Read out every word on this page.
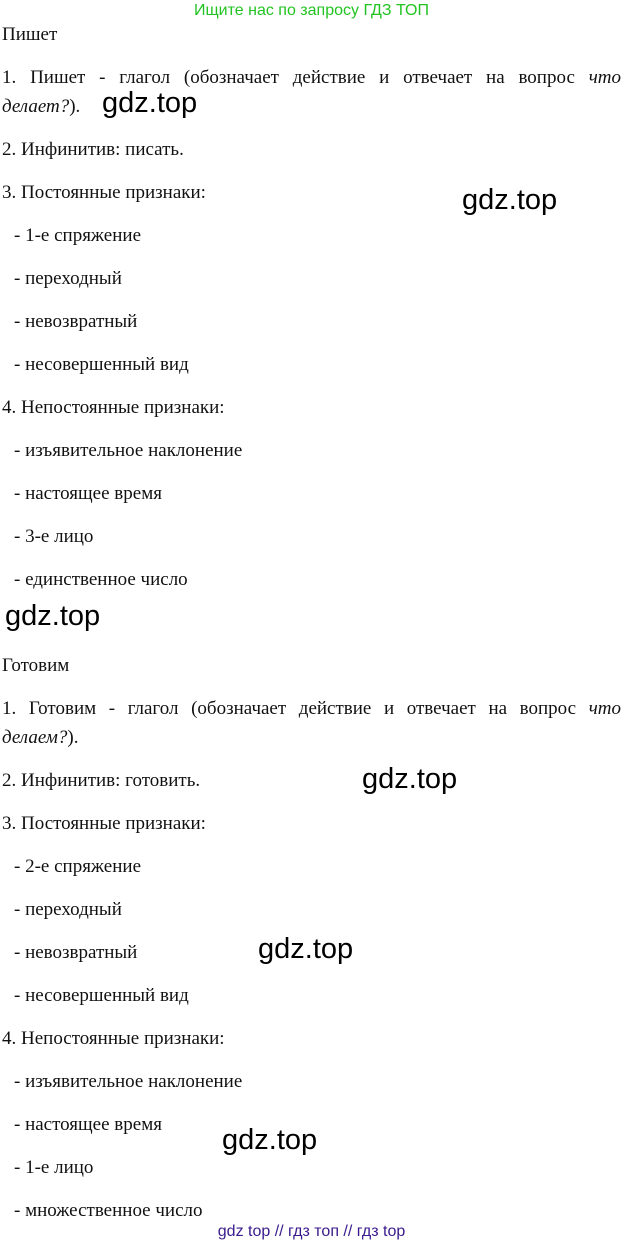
Ищите нас по запросу ГДЗ ТОП
Пишет
1. Пишет - глагол (обозначает действие и отвечает на вопрос что
делает?).
2. Инфинитив: писать.
3. Постоянные признаки:
- 1-е спряжение
- переходный
- невозвратный
- несовершенный вид
4. Непостоянные признаки:
- изъявительное наклонение
- настоящее время
- 3-е лицо
- единственное число
Готовим
1. Готовим - глагол (обозначает действие и отвечает на вопрос что
делаем?).
2. Инфинитив: готовить.
3. Постоянные признаки:
- 2-е спряжение
- переходный
- невозвратный
- несовершенный вид
4. Непостоянные признаки:
- изъявительное наклонение
- настоящее время
- 1-е лицо
- множественное число
gdz.top
gdz.top
gdz.top
gdz.top
gdz.top
gdz.top
gdz top // гдз топ // гдз top
